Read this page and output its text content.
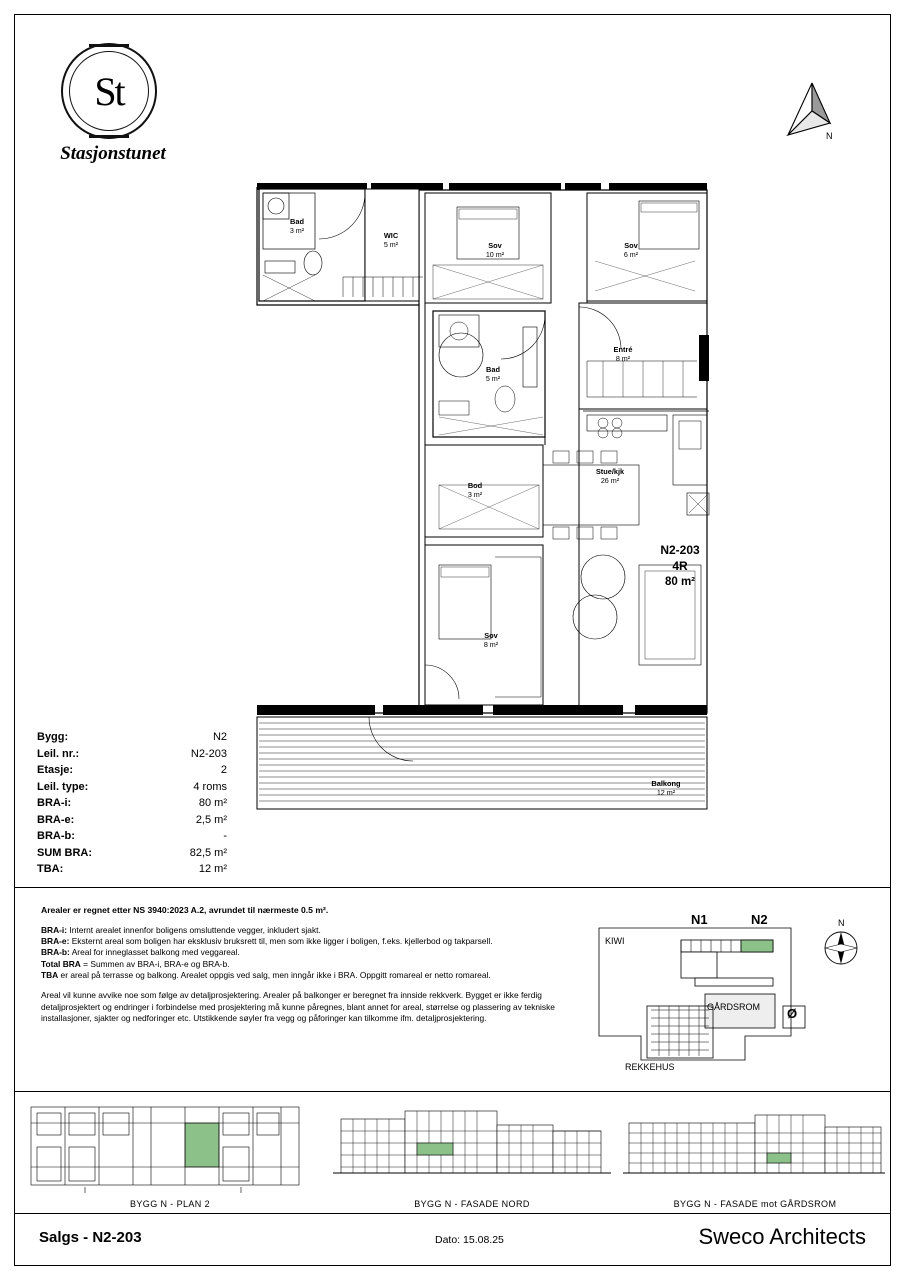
St
Stasjonstunet
N
Bad
3 m²
WIC
5 m²	Sov
10 m²
Sov
6 m²
Entré
8 m²
Bad
5 m²
Stue/kjk
26 m²
Bod
3 m²
Sov
8 m²
Balkong
12 m²
N2-203
4R
80 m²
Bygg:	N2
Leil. nr.:	N2-203
Etasje:	2
Leil. type:	4 roms
BRA-i:	80 m²
BRA-e:	2,5 m²
BRA-b:	-
SUM BRA:	82,5 m²
TBA:	12 m²
Arealer er regnet etter NS 3940:2023 A.2, avrundet til nærmeste 0.5 m².

BRA-i: Internt arealet innenfor boligens omsluttende vegger, inkludert sjakt.

BRA-e: Eksternt areal som boligen har eksklusiv bruksrett til, men som ikke ligger i boligen, f.eks. kjellerbod og takparsell.

BRA-b: Areal for inneglasset balkong med veggareal.

Total BRA = Summen av BRA-i, BRA-e og BRA-b.

TBA er areal på terrasse og balkong. Arealet oppgis ved salg, men inngår ikke i BRA. Oppgitt romareal er netto romareal.

Areal vil kunne avvike noe som følge av detaljprosjektering. Arealer på balkonger er beregnet fra innside rekkverk. Bygget er ikke ferdig detaljprosjektert og endringer i forbindelse med prosjektering må kunne påregnes, blant annet for areal, størrelse og plassering av tekniske installasjoner, sjakter og nedforinger etc. Utstikkende søyler fra vegg og påforinger kan tilkomme ifm. detaljprosjektering.

N
N1	N2
KIWI
GÅRDSROM Ø
REKKEHUS
BYGG N - PLAN 2	BYGG N - FASADE NORD	BYGG N - FASADE mot GÅRDSROM
Salgs - N2-203	Dato: 15.08.25	Sweco Architects
